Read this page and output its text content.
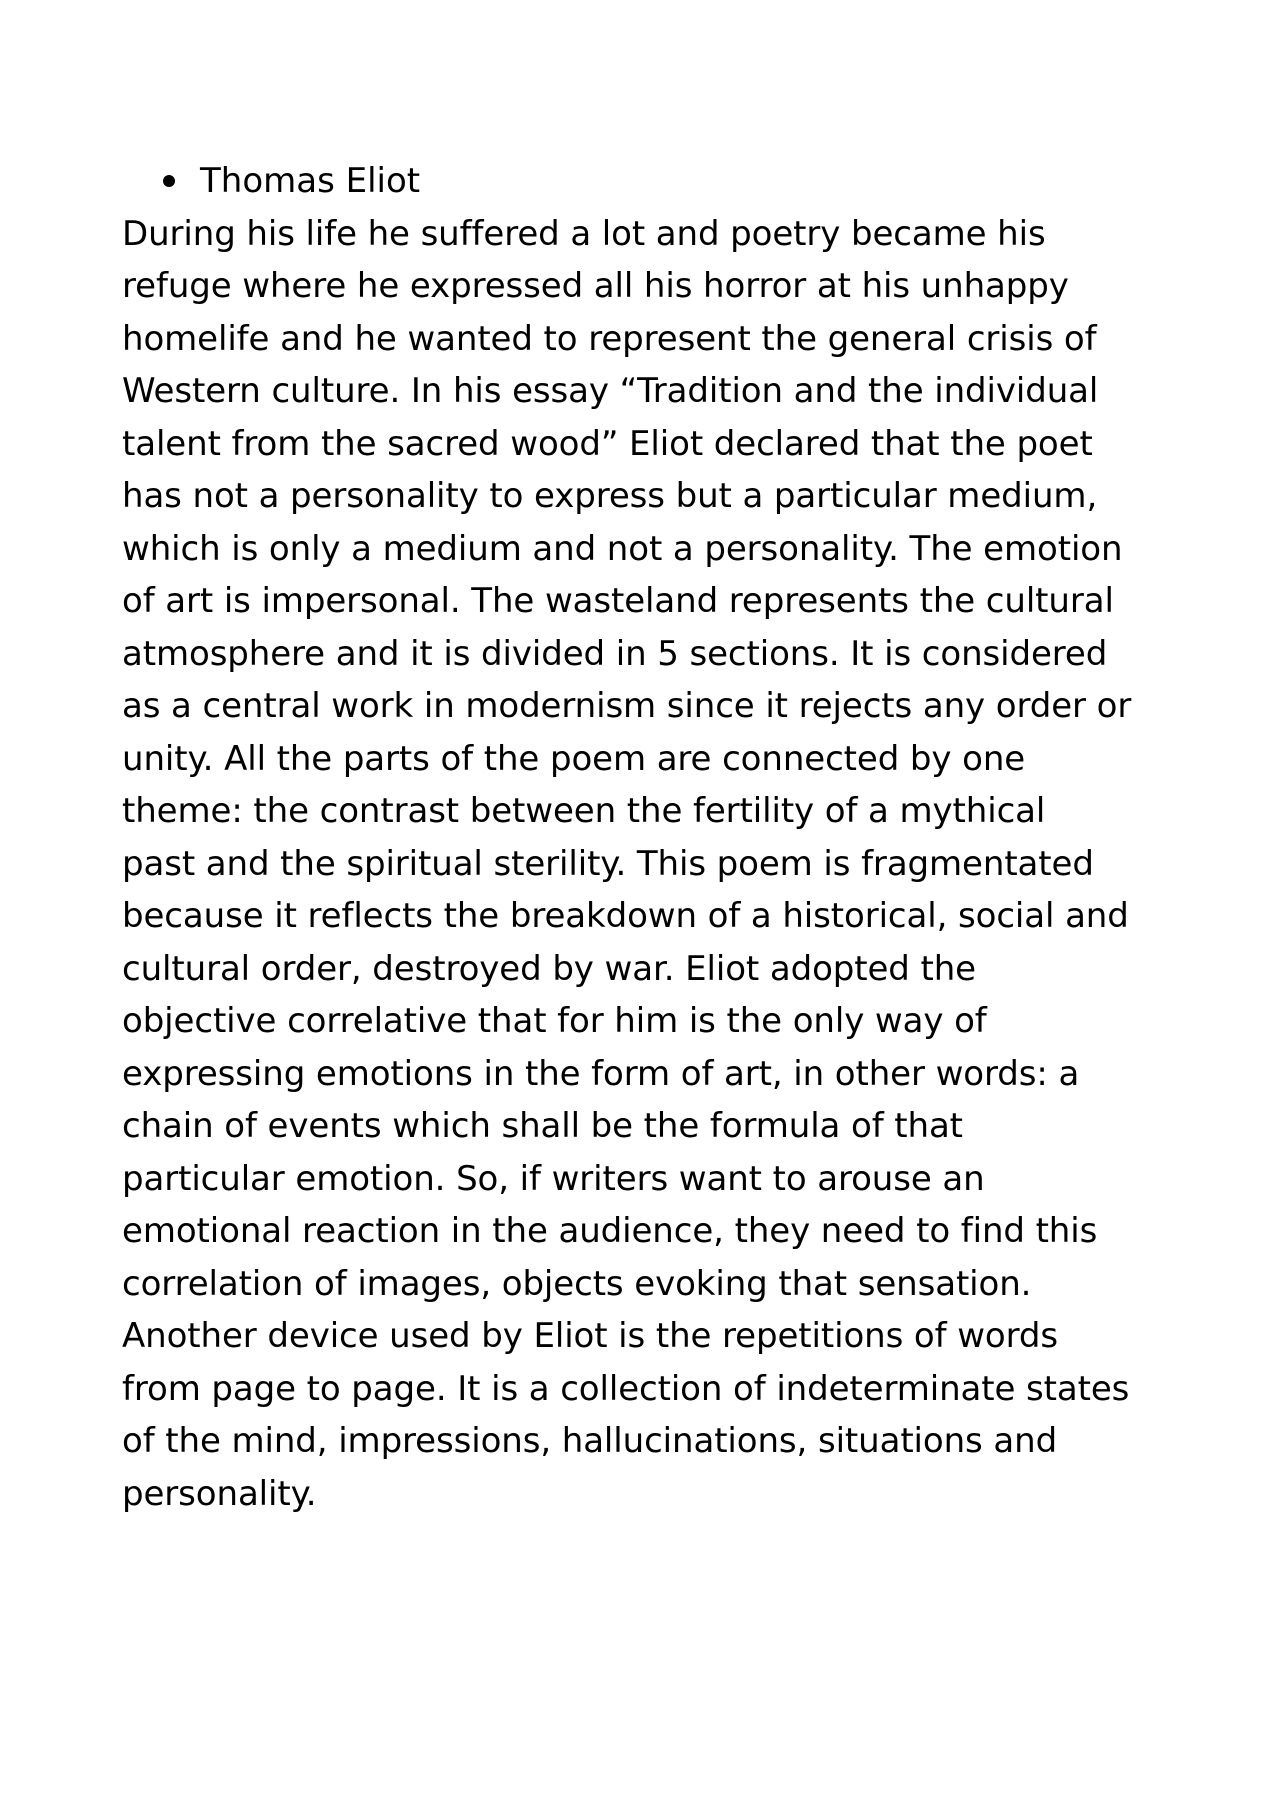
Thomas Eliot

During his life he suffered a lot and poetry became his
refuge where he expressed all his horror at his unhappy
homelife and he wanted to represent the general crisis of
Western culture. In his essay “Tradition and the individual
talent from the sacred wood” Eliot declared that the poet
has not a personality to express but a particular medium,
which is only a medium and not a personality. The emotion
of art is impersonal. The wasteland represents the cultural
atmosphere and it is divided in 5 sections. It is considered
as a central work in modernism since it rejects any order or
unity. All the parts of the poem are connected by one
theme: the contrast between the fertility of a mythical
past and the spiritual sterility. This poem is fragmentated
because it reflects the breakdown of a historical, social and
cultural order, destroyed by war. Eliot adopted the
objective correlative that for him is the only way of
expressing emotions in the form of art, in other words: a
chain of events which shall be the formula of that
particular emotion. So, if writers want to arouse an
emotional reaction in the audience, they need to find this
correlation of images, objects evoking that sensation.
Another device used by Eliot is the repetitions of words
from page to page. It is a collection of indeterminate states
of the mind, impressions, hallucinations, situations and
personality.
